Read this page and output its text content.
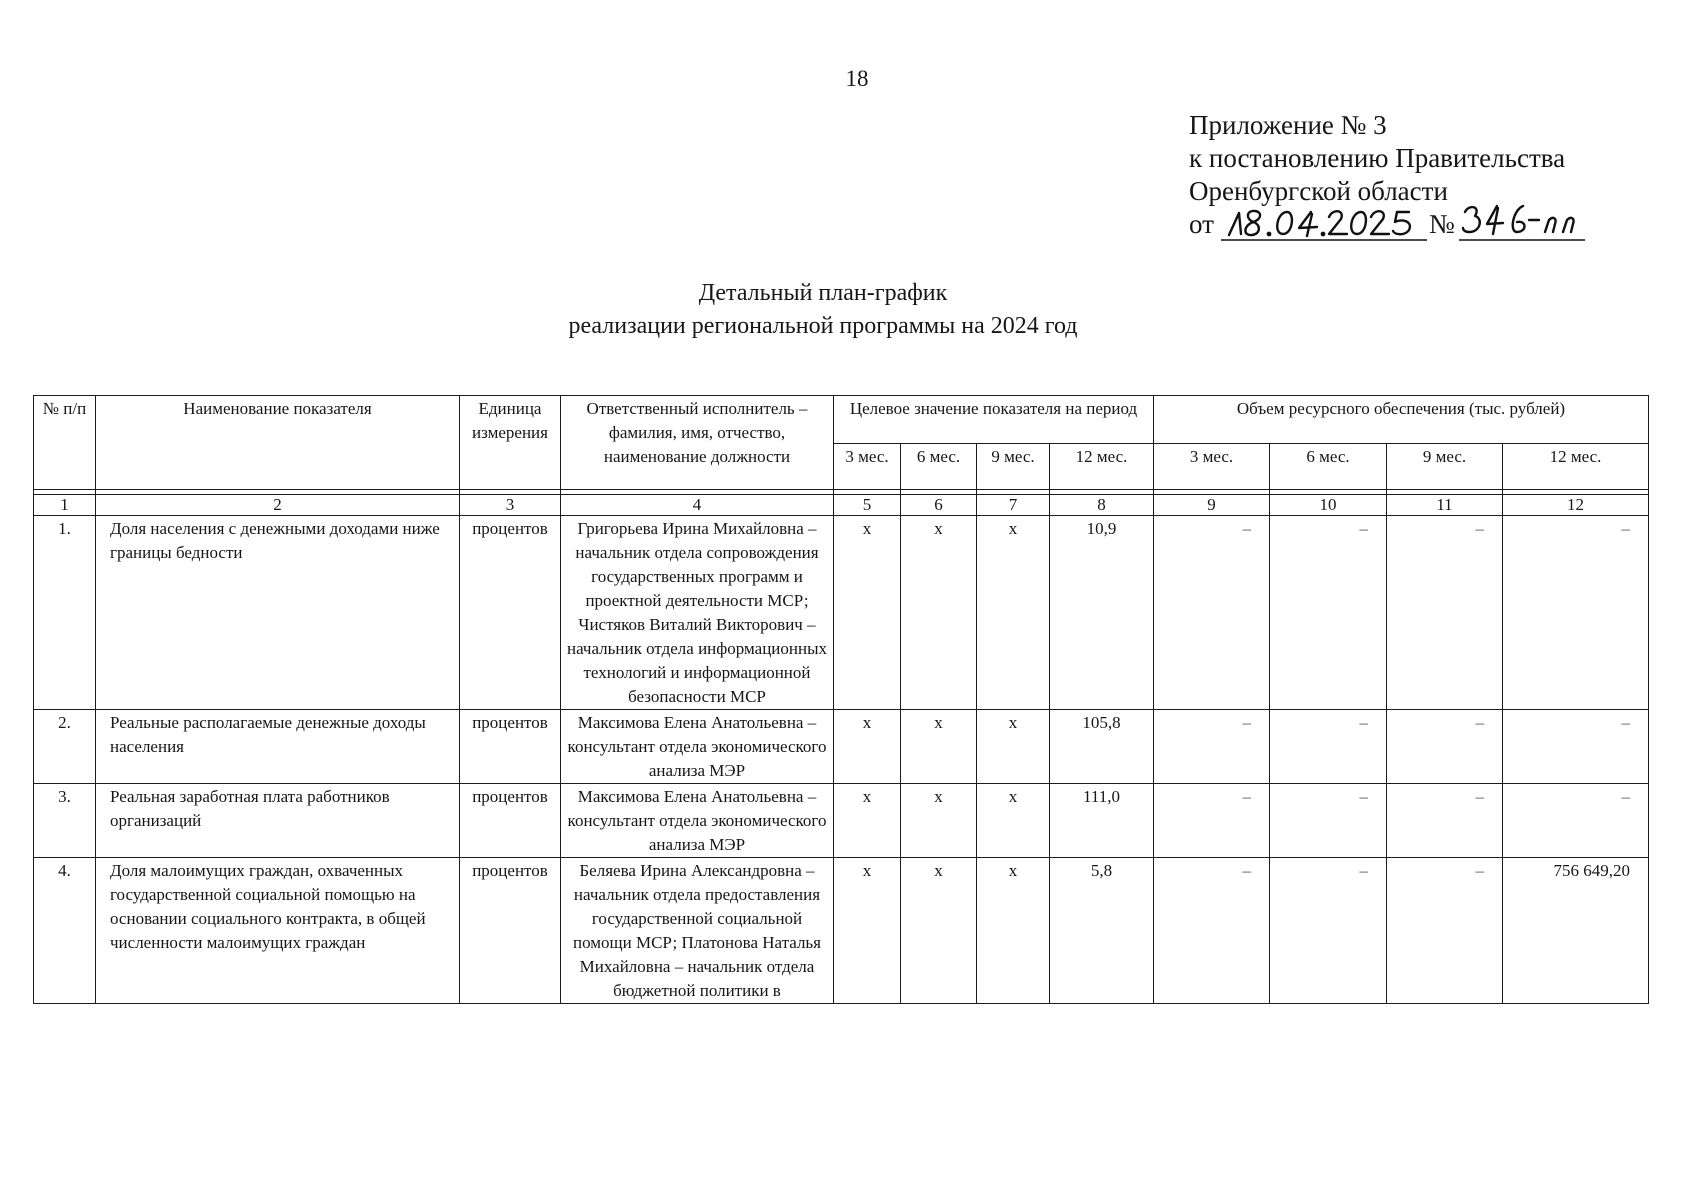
18
Приложение № 3
к постановлению Правительства
Оренбургской области
от	№
Детальный план-график
реализации региональной программы на 2024 год
№ п/п	Наименование показателя	Единица измерения	Ответственный исполнитель – фамилия, имя, отчество, наименование должности	Целевое значение показателя на период				Объем ресурсного обеспечения (тыс. рублей)			
				3 мес.	6 мес.	9 мес.	12 мес.	3 мес.	6 мес.	9 мес.	12 мес.

1	2	3	4	5	6	7	8	9	10	11	12
1.	Доля населения с денежными доходами ниже границы бедности	процентов	Григорьева Ирина Михайловна – начальник отдела сопровождения государственных программ и проектной деятельности МСР; Чистяков Виталий Викторович – начальник отдела информационных технологий и информационной безопасности МСР	х	х	х	10,9	–	–	–	–
2.	Реальные располагаемые денежные доходы населения	процентов	Максимова Елена Анатольевна – консультант отдела экономического анализа МЭР	х	х	х	105,8	–	–	–	–
3.	Реальная заработная плата работников организаций	процентов	Максимова Елена Анатольевна – консультант отдела экономического анализа МЭР	х	х	х	111,0	–	–	–	–
4.	Доля малоимущих граждан, охваченных государственной социальной помощью на основании социального контракта, в общей численности малоимущих граждан	процентов	Беляева Ирина Александровна – начальник отдела предоставления государственной социальной помощи МСР; Платонова Наталья Михайловна – начальник отдела бюджетной политики в	х	х	х	5,8	–	–	–	756 649,20
